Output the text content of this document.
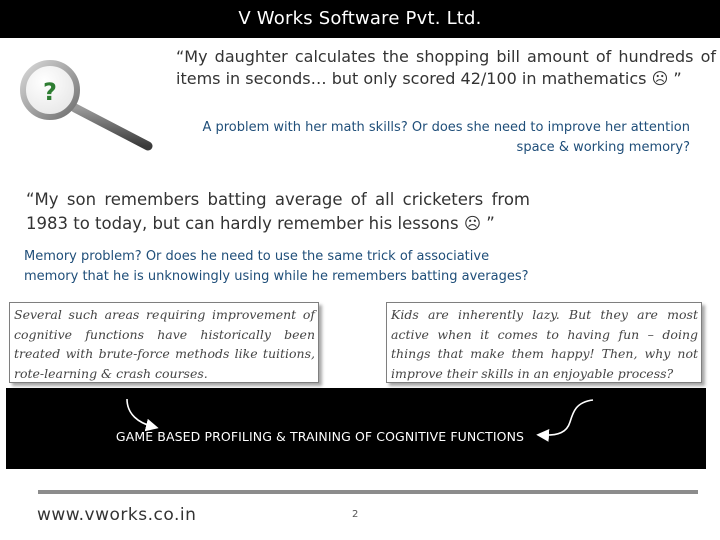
V Works Software Pvt. Ltd.
?
“My daughter calculates the shopping bill amount of hundreds of items in seconds… but only scored 42/100 in mathematics ☹ ”
A problem with her math skills? Or does she need to improve her attention space & working memory?
“My son remembers batting average of all cricketers from 1983 to today, but can hardly remember his lessons ☹ ”
Memory problem? Or does he need to use the same trick of associative memory that he is unknowingly using while he remembers batting averages?
Several such areas requiring improvement of cognitive functions have historically been treated with brute-force methods like tuitions, rote-learning & crash courses.
Kids are inherently lazy. But they are most active when it comes to having fun – doing things that make them happy! Then, why not improve their skills in an enjoyable process?
GAME BASED PROFILING & TRAINING OF COGNITIVE FUNCTIONS
www.vworks.co.in	2
